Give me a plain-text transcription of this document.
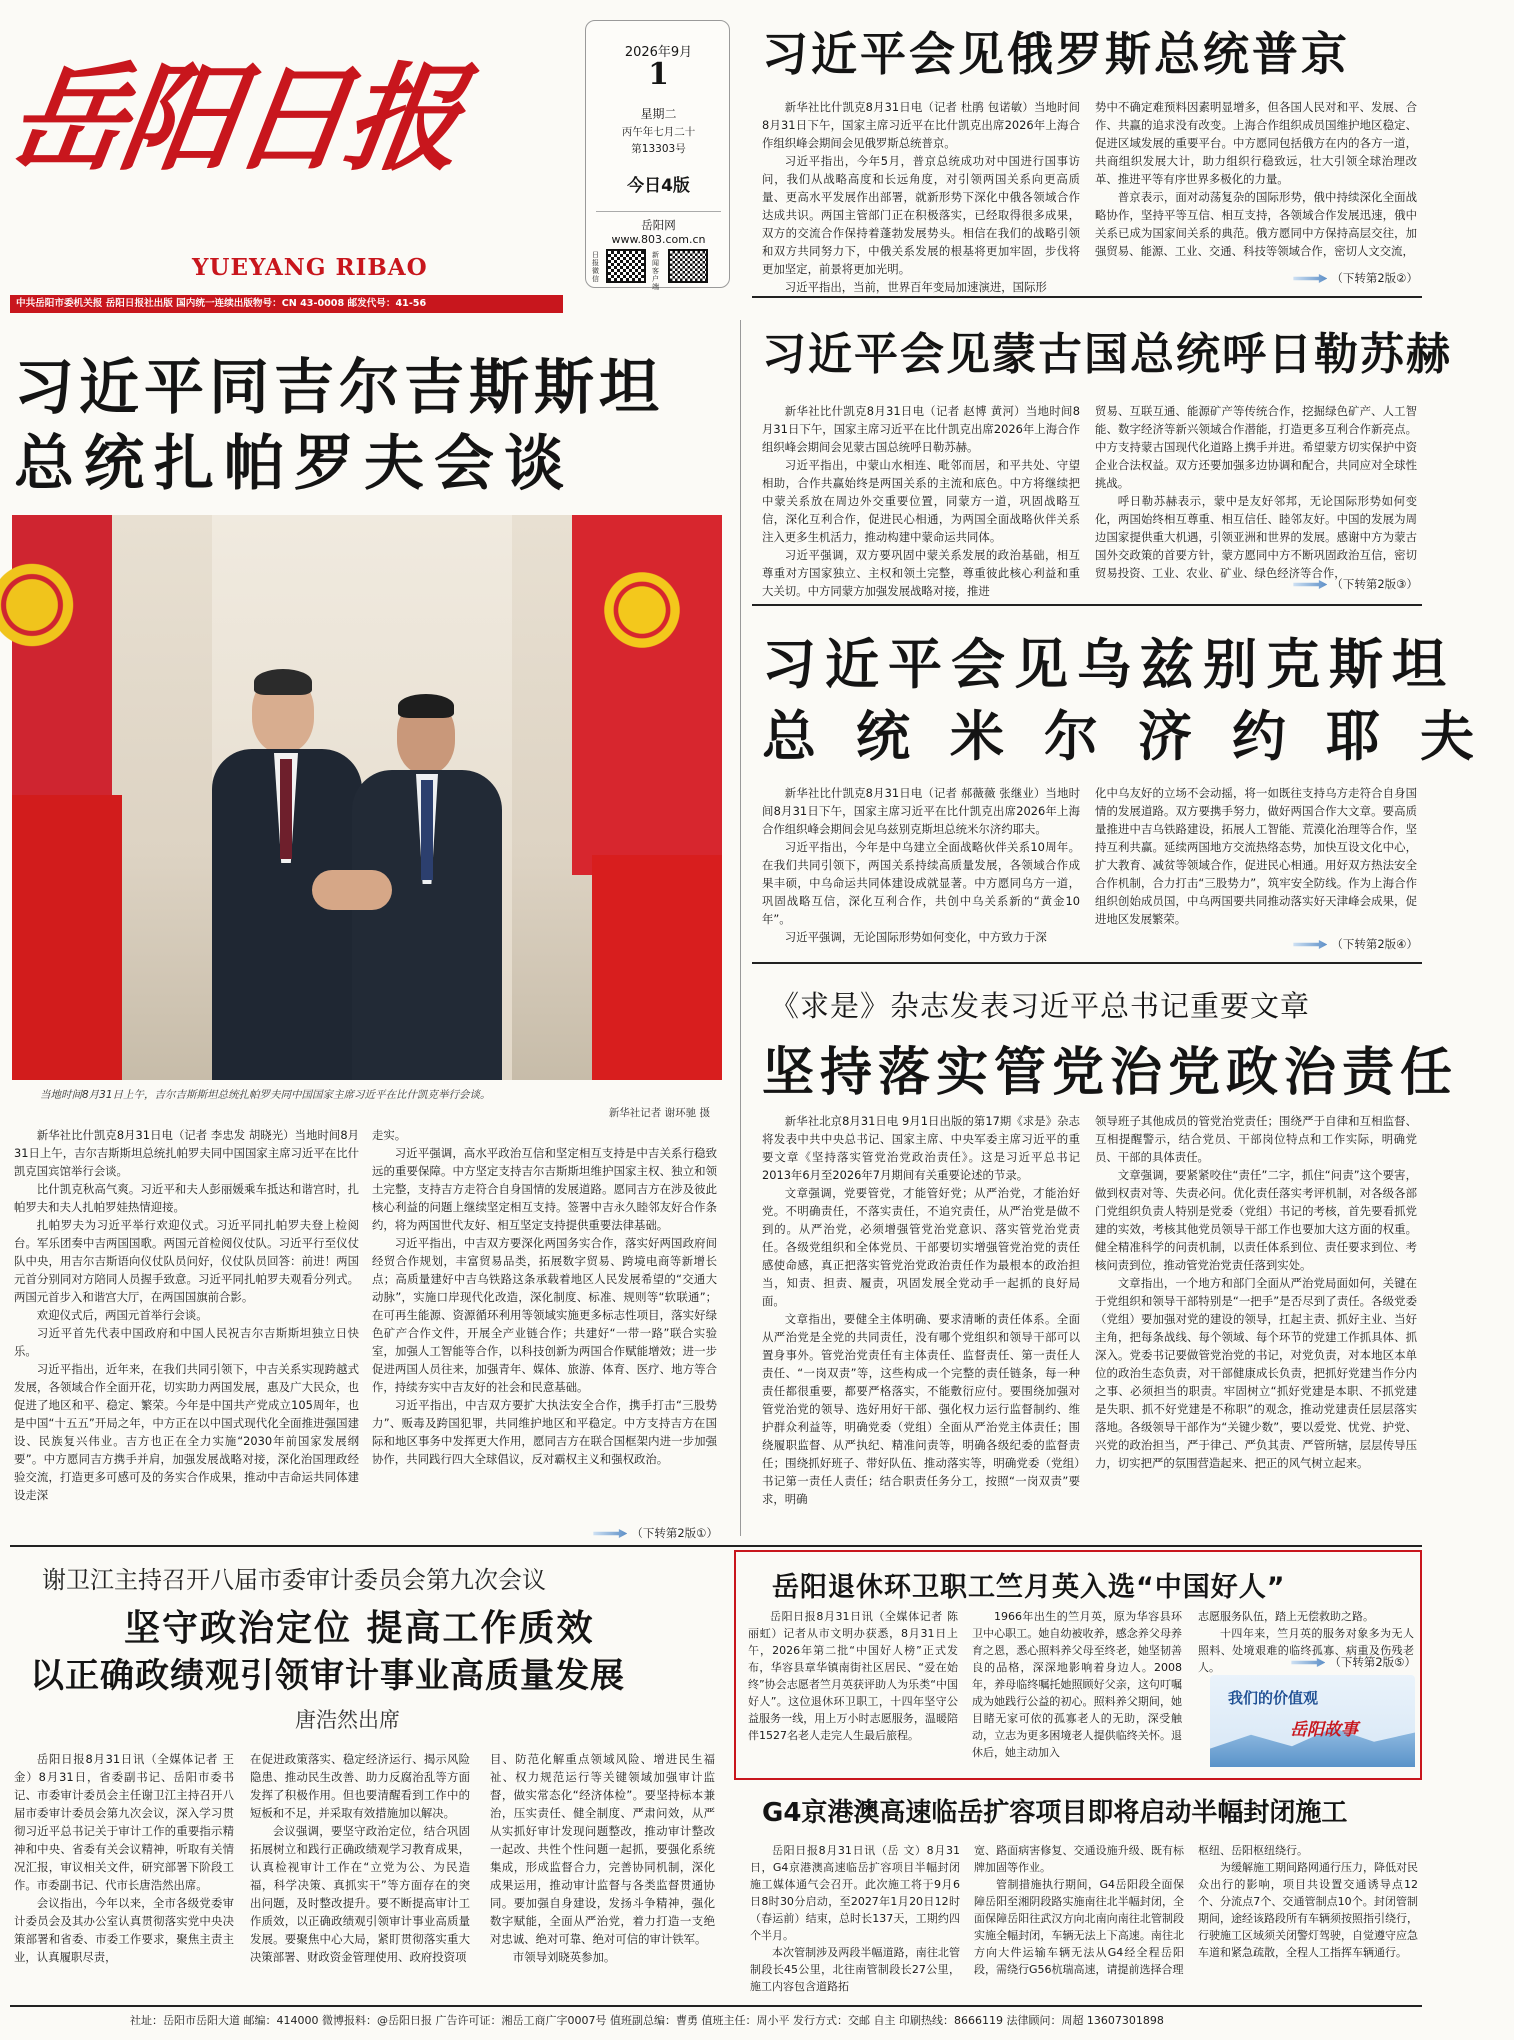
岳阳日报
YUEYANG RIBAO
2026年9月
1
星期二
丙午年七月二十
第13303号
今日4版
岳阳网
www.803.com.cn
日报微信
新闻客户端
中共岳阳市委机关报 岳阳日报社出版 国内统一连续出版物号：CN 43-0008 邮发代号：41-56
习近平同吉尔吉斯斯坦
总统扎帕罗夫会谈
当地时间8月31日上午，吉尔吉斯斯坦总统扎帕罗夫同中国国家主席习近平在比什凯克举行会谈。
新华社记者 谢环驰 摄

新华社比什凯克8月31日电（记者 李忠发 胡晓光）当地时间8月31日上午，吉尔吉斯斯坦总统扎帕罗夫同中国国家主席习近平在比什凯克国宾馆举行会谈。

比什凯克秋高气爽。习近平和夫人彭丽媛乘车抵达和谐宫时，扎帕罗夫和夫人扎帕罗娃热情迎接。

扎帕罗夫为习近平举行欢迎仪式。习近平同扎帕罗夫登上检阅台。军乐团奏中吉两国国歌。两国元首检阅仪仗队。习近平行至仪仗队中央，用吉尔吉斯语向仪仗队员问好，仪仗队员回答：前进！两国元首分别同对方陪同人员握手致意。习近平同扎帕罗夫观看分列式。两国元首步入和谐宫大厅，在两国国旗前合影。

欢迎仪式后，两国元首举行会谈。

习近平首先代表中国政府和中国人民祝吉尔吉斯斯坦独立日快乐。

习近平指出，近年来，在我们共同引领下，中吉关系实现跨越式发展，各领域合作全面开花，切实助力两国发展，惠及广大民众，也促进了地区和平、稳定、繁荣。今年是中国共产党成立105周年，也是中国“十五五”开局之年，中方正在以中国式现代化全面推进强国建设、民族复兴伟业。吉方也正在全力实施“2030年前国家发展纲要”。中方愿同吉方携手并肩，加强发展战略对接，深化治国理政经验交流，打造更多可感可及的务实合作成果，推动中吉命运共同体建设走深

走实。

习近平强调，高水平政治互信和坚定相互支持是中吉关系行稳致远的重要保障。中方坚定支持吉尔吉斯斯坦维护国家主权、独立和领土完整，支持吉方走符合自身国情的发展道路。愿同吉方在涉及彼此核心利益的问题上继续坚定相互支持。签署中吉永久睦邻友好合作条约，将为两国世代友好、相互坚定支持提供重要法律基础。

习近平指出，中吉双方要深化两国务实合作，落实好两国政府间经贸合作规划，丰富贸易品类，拓展数字贸易、跨境电商等新增长点；高质量建好中吉乌铁路这条承载着地区人民发展希望的“交通大动脉”，实施口岸现代化改造，深化制度、标准、规则等“软联通”；在可再生能源、资源循环利用等领域实施更多标志性项目，落实好绿色矿产合作文件，开展全产业链合作；共建好“一带一路”联合实验室，加强人工智能等合作，以科技创新为两国合作赋能增效；进一步促进两国人员往来，加强青年、媒体、旅游、体育、医疗、地方等合作，持续夯实中吉友好的社会和民意基础。

习近平指出，中吉双方要扩大执法安全合作，携手打击“三股势力”、贩毒及跨国犯罪，共同维护地区和平稳定。中方支持吉方在国际和地区事务中发挥更大作用，愿同吉方在联合国框架内进一步加强协作，共同践行四大全球倡议，反对霸权主义和强权政治。

（下转第2版①）
习近平会见俄罗斯总统普京

新华社比什凯克8月31日电（记者 杜鹃 包诺敏）当地时间8月31日下午，国家主席习近平在比什凯克出席2026年上海合作组织峰会期间会见俄罗斯总统普京。

习近平指出，今年5月，普京总统成功对中国进行国事访问，我们从战略高度和长远角度，对引领两国关系向更高质量、更高水平发展作出部署，就新形势下深化中俄各领域合作达成共识。两国主管部门正在积极落实，已经取得很多成果，双方的交流合作保持着蓬勃发展势头。相信在我们的战略引领和双方共同努力下，中俄关系发展的根基将更加牢固，步伐将更加坚定，前景将更加光明。

习近平指出，当前，世界百年变局加速演进，国际形

势中不确定难预料因素明显增多，但各国人民对和平、发展、合作、共赢的追求没有改变。上海合作组织成员国维护地区稳定、促进区域发展的重要平台。中方愿同包括俄方在内的各方一道，共商组织发展大计，助力组织行稳致远，壮大引领全球治理改革、推进平等有序世界多极化的力量。

普京表示，面对动荡复杂的国际形势，俄中持续深化全面战略协作，坚持平等互信、相互支持，各领域合作发展迅速，俄中关系已成为国家间关系的典范。俄方愿同中方保持高层交往，加强贸易、能源、工业、交通、科技等领域合作，密切人文交流，

（下转第2版②）
习近平会见蒙古国总统呼日勒苏赫

新华社比什凯克8月31日电（记者 赵博 黄河）当地时间8月31日下午，国家主席习近平在比什凯克出席2026年上海合作组织峰会期间会见蒙古国总统呼日勒苏赫。

习近平指出，中蒙山水相连、毗邻而居，和平共处、守望相助，合作共赢始终是两国关系的主流和底色。中方将继续把中蒙关系放在周边外交重要位置，同蒙方一道，巩固战略互信，深化互利合作，促进民心相通，为两国全面战略伙伴关系注入更多生机活力，推动构建中蒙命运共同体。

习近平强调，双方要巩固中蒙关系发展的政治基础，相互尊重对方国家独立、主权和领土完整，尊重彼此核心利益和重大关切。中方同蒙方加强发展战略对接，推进

贸易、互联互通、能源矿产等传统合作，挖掘绿色矿产、人工智能、数字经济等新兴领域合作潜能，打造更多互利合作新亮点。中方支持蒙古国现代化道路上携手并进。希望蒙方切实保护中资企业合法权益。双方还要加强多边协调和配合，共同应对全球性挑战。

呼日勒苏赫表示，蒙中是友好邻邦，无论国际形势如何变化，两国始终相互尊重、相互信任、睦邻友好。中国的发展为周边国家提供重大机遇，引领亚洲和世界的发展。感谢中方为蒙古国外交政策的首要方针，蒙方愿同中方不断巩固政治互信，密切贸易投资、工业、农业、矿业、绿色经济等合作，

（下转第2版③）
习近平会见乌兹别克斯坦
总统米尔济约耶夫

新华社比什凯克8月31日电（记者 郝薇薇 张继业）当地时间8月31日下午，国家主席习近平在比什凯克出席2026年上海合作组织峰会期间会见乌兹别克斯坦总统米尔济约耶夫。

习近平指出，今年是中乌建立全面战略伙伴关系10周年。在我们共同引领下，两国关系持续高质量发展，各领域合作成果丰硕，中乌命运共同体建设成就显著。中方愿同乌方一道，巩固战略互信，深化互利合作，共创中乌关系新的“黄金10年”。

习近平强调，无论国际形势如何变化，中方致力于深

化中乌友好的立场不会动摇，将一如既往支持乌方走符合自身国情的发展道路。双方要携手努力，做好两国合作大文章。要高质量推进中吉乌铁路建设，拓展人工智能、荒漠化治理等合作，坚持互利共赢。延续两国地方交流热络态势，加快互设文化中心，扩大教育、减贫等领域合作，促进民心相通。用好双方热法安全合作机制，合力打击“三股势力”，筑牢安全防线。作为上海合作组织创始成员国，中乌两国要共同推动落实好天津峰会成果，促进地区发展繁荣。

（下转第2版④）
《求是》杂志发表习近平总书记重要文章
坚持落实管党治党政治责任

新华社北京8月31日电 9月1日出版的第17期《求是》杂志将发表中共中央总书记、国家主席、中央军委主席习近平的重要文章《坚持落实管党治党政治责任》。这是习近平总书记2013年6月至2026年7月期间有关重要论述的节录。

文章强调，党要管党，才能管好党；从严治党，才能治好党。不明确责任，不落实责任，不追究责任，从严治党是做不到的。从严治党，必须增强管党治党意识、落实管党治党责任。各级党组织和全体党员、干部要切实增强管党治党的责任感使命感，真正把落实管党治党政治责任作为最根本的政治担当，知责、担责、履责，巩固发展全党动手一起抓的良好局面。

文章指出，要健全主体明确、要求清晰的责任体系。全面从严治党是全党的共同责任，没有哪个党组织和领导干部可以置身事外。管党治党责任有主体责任、监督责任、第一责任人责任、“一岗双责”等，这些构成一个完整的责任链条，每一种责任都很重要，都要严格落实，不能敷衍应付。要围绕加强对管党治党的领导、选好用好干部、强化权力运行监督制约、维护群众利益等，明确党委（党组）全面从严治党主体责任；围绕履职监督、从严执纪、精准问责等，明确各级纪委的监督责任；围绕抓好班子、带好队伍、推动落实等，明确党委（党组）书记第一责任人责任；结合职责任务分工，按照“一岗双责”要求，明确

领导班子其他成员的管党治党责任；围绕严于自律和互相监督、互相提醒警示，结合党员、干部岗位特点和工作实际，明确党员、干部的具体责任。

文章强调，要紧紧咬住“责任”二字，抓住“问责”这个要害，做到权责对等、失责必问。优化责任落实考评机制，对各级各部门党组织负责人特别是党委（党组）书记的考核，首先要看抓党建的实效，考核其他党员领导干部工作也要加大这方面的权重。健全精准科学的问责机制，以责任体系到位、责任要求到位、考核问责到位，推动管党治党责任落到实处。

文章指出，一个地方和部门全面从严治党局面如何，关键在于党组织和领导干部特别是“一把手”是否尽到了责任。各级党委（党组）要加强对党的建设的领导，扛起主责、抓好主业、当好主角，把每条战线、每个领域、每个环节的党建工作抓具体、抓深入。党委书记要做管党治党的书记，对党负责，对本地区本单位的政治生态负责，对干部健康成长负责，把抓好党建当作分内之事、必须担当的职责。牢固树立“抓好党建是本职、不抓党建是失职、抓不好党建是不称职”的观念，推动党建责任层层落实落地。各级领导干部作为“关键少数”，要以爱党、忧党、护党、兴党的政治担当，严于律己、严负其责、严管所辖，层层传导压力，切实把严的氛围营造起来、把正的风气树立起来。

谢卫江主持召开八届市委审计委员会第九次会议
坚守政治定位 提高工作质效
以正确政绩观引领审计事业高质量发展
唐浩然出席

岳阳日报8月31日讯（全媒体记者 王 金）8月31日，省委副书记、岳阳市委书记、市委审计委员会主任谢卫江主持召开八届市委审计委员会第九次会议，深入学习贯彻习近平总书记关于审计工作的重要指示精神和中央、省委有关会议精神，听取有关情况汇报，审议相关文件，研究部署下阶段工作。市委副书记、代市长唐浩然出席。

会议指出，今年以来，全市各级党委审计委员会及其办公室认真贯彻落实党中央决策部署和省委、市委工作要求，聚焦主责主业，认真履职尽责，

在促进政策落实、稳定经济运行、揭示风险隐患、推动民生改善、助力反腐治乱等方面发挥了积极作用。但也要清醒看到工作中的短板和不足，并采取有效措施加以解决。

会议强调，要坚守政治定位，结合巩固拓展树立和践行正确政绩观学习教育成果，认真检视审计工作在“立党为公、为民造福，科学决策、真抓实干”等方面存在的突出问题，及时整改提升。要不断提高审计工作质效，以正确政绩观引领审计事业高质量发展。要聚焦中心大局，紧盯贯彻落实重大决策部署、财政资金管理使用、政府投资项

目、防范化解重点领域风险、增进民生福祉、权力规范运行等关键领域加强审计监督，做实常态化“经济体检”。要坚持标本兼治，压实责任、健全制度、严肃问效，从严从实抓好审计发现问题整改，推动审计整改一起改、共性个性问题一起抓，要强化系统集成，形成监督合力，完善协同机制，深化成果运用，推动审计监督与各类监督贯通协同。要加强自身建设，发扬斗争精神，强化数字赋能，全面从严治党，着力打造一支绝对忠诚、绝对可靠、绝对可信的审计铁军。

市领导刘晓英参加。

岳阳退休环卫职工竺月英入选“中国好人”

岳阳日报8月31日讯（全媒体记者 陈丽虹）记者从市文明办获悉，8月31日上午，2026年第二批“中国好人榜”正式发布，华容县章华镇南街社区居民、“爱在始终”协会志愿者竺月英获评助人为乐类“中国好人”。这位退休环卫职工，十四年坚守公益服务一线，用上万小时志愿服务，温暖陪伴1527名老人走完人生最后旅程。

1966年出生的竺月英，原为华容县环卫中心职工。她自幼被收养，感念养父母养育之恩，悉心照料养父母至终老，她坚韧善良的品格，深深地影响着身边人。2008年，养母临终嘱托她照顾好父亲，这句叮嘱成为她践行公益的初心。照料养父期间，她目睹无家可依的孤寡老人的无助，深受触动，立志为更多困境老人提供临终关怀。退休后，她主动加入

志愿服务队伍，踏上无偿救助之路。

十四年来，竺月英的服务对象多为无人照料、处境艰难的临终孤寡、病重及伤残老人。	（下转第2版⑤）
我们的价值观
岳阳故事
G4京港澳高速临岳扩容项目即将启动半幅封闭施工

岳阳日报8月31日讯（岳 文）8月31日，G4京港澳高速临岳扩容项目半幅封闭施工媒体通气会召开。此次施工将于9月6日8时30分启动，至2027年1月20日12时（春运前）结束，总时长137天，工期约四个半月。

本次管制涉及两段半幅道路，南往北管制段长45公里，北往南管制段长27公里，施工内容包含道路拓

宽、路面病害修复、交通设施升级、既有标牌加固等作业。

管制措施执行期间，G4岳阳段全面保障岳阳至湘阴段路实施南往北半幅封闭，全面保障岳阳往武汉方向北南向南往北管制段实施全幅封闭，车辆无法上下高速。南往北方向大件运输车辆无法从G4经全程岳阳段，需绕行G56杭瑞高速，请提前选择合理

枢纽、岳阳枢纽绕行。

为缓解施工期间路网通行压力，降低对民众出行的影响，项目共设置交通诱导点12个、分流点7个、交通管制点10个。封闭管制期间，途经该路段所有车辆须按照指引绕行，行驶施工区域须关闭警灯驾驶，自觉遵守应急车道和紧急疏散，全程人工指挥车辆通行。

社址：岳阳市岳阳大道 邮编：414000 微博报料：@岳阳日报 广告许可证：湘岳工商广字0007号 值班副总编：曹勇 值班主任：周小平 发行方式：交邮 自主 印刷热线：8666119 法律顾问：周超 13607301898
